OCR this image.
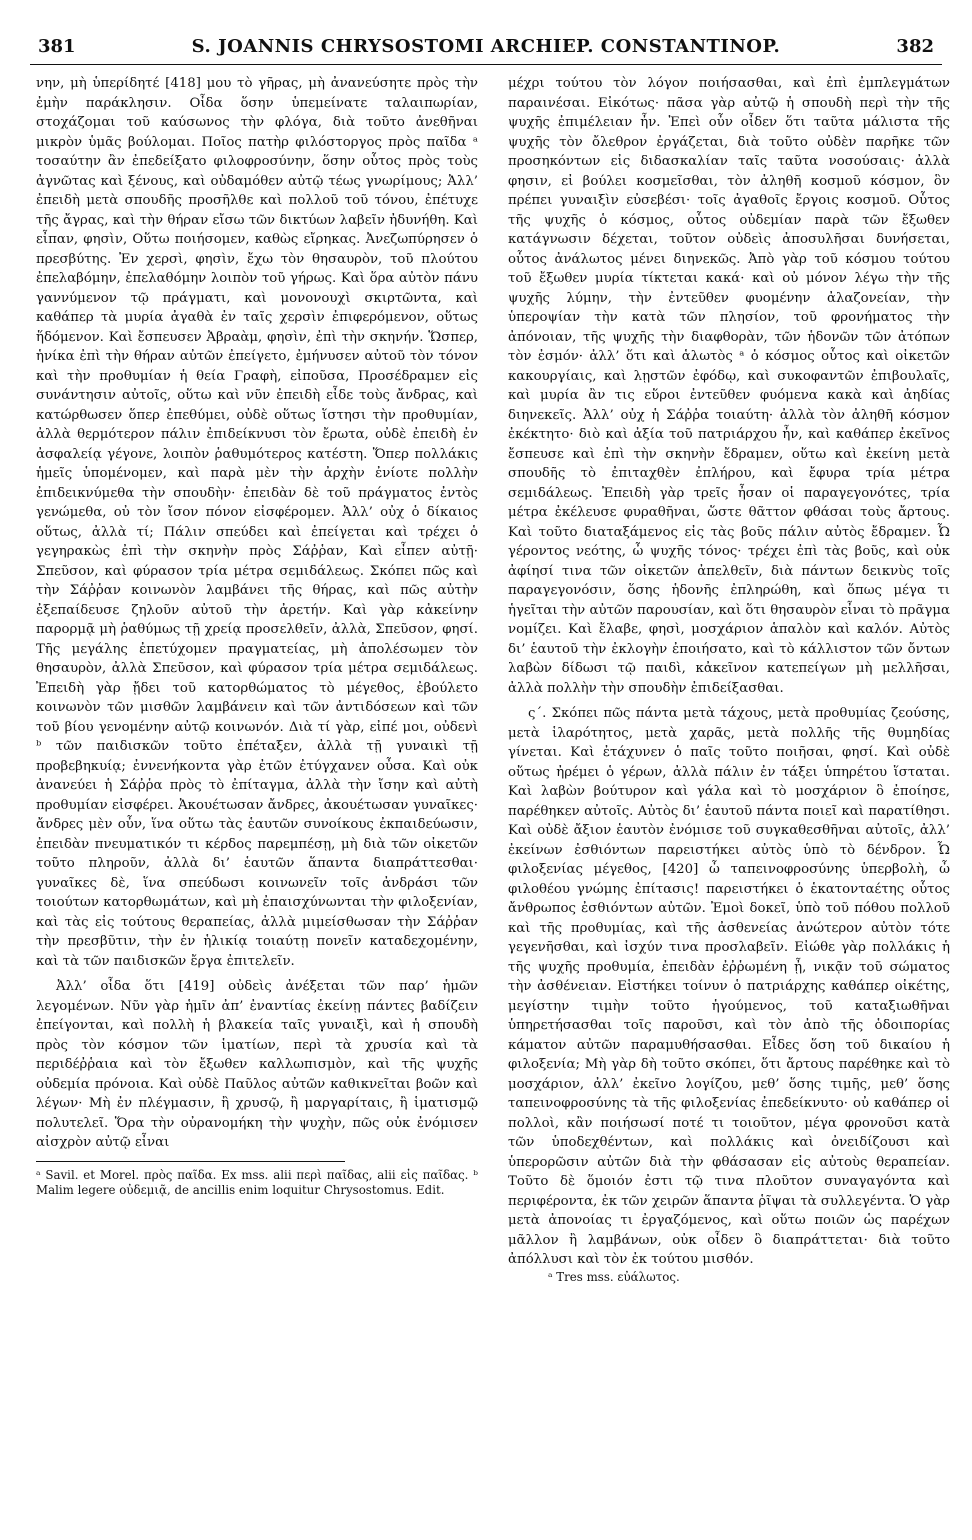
381	S. JOANNIS CHRYSOSTOMI ARCHIEP. CONSTANTINOP.	382

νην, μὴ ὑπερίδητέ [418] μου τὸ γῆρας, μὴ ἀνανεύσητε πρὸς τὴν ἐμὴν παράκλησιν. Οἶδα ὅσην ὑπεμείνατε ταλαιπωρίαν, στοχάζομαι τοῦ καύσωνος τὴν φλόγα, διὰ τοῦτο ἀνεθῆναι μικρὸν ὑμᾶς βούλομαι. Ποῖος πατὴρ φιλόστοργος πρὸς παῖδα ᵃ τοσαύτην ἂν ἐπεδείξατο φιλοφροσύνην, ὅσην οὗτος πρὸς τοὺς ἀγνῶτας καὶ ξένους, καὶ οὐδαμόθεν αὐτῷ τέως γνωρίμους; Ἀλλ’ ἐπειδὴ μετὰ σπουδῆς προσῆλθε καὶ πολλοῦ τοῦ τόνου, ἐπέτυχε τῆς ἄγρας, καὶ τὴν θήραν εἴσω τῶν δικτύων λαβεῖν ἠδυνήθη. Καὶ εἶπαν, φησὶν, Οὕτω ποιήσομεν, καθὼς εἴρηκας. Ἀνεζωπύρησεν ὁ πρεσβύτης. Ἐν χερσὶ, φησὶν, ἔχω τὸν θησαυρὸν, τοῦ πλούτου ἐπελαβόμην, ἐπελαθόμην λοιπὸν τοῦ γήρως. Καὶ ὅρα αὐτὸν πάνυ γαννύμενον τῷ πράγματι, καὶ μονονουχὶ σκιρτῶντα, καὶ καθάπερ τὰ μυρία ἀγαθὰ ἐν ταῖς χερσὶν ἐπιφερόμενον, οὕτως ἥδόμενον. Καὶ ἔσπευσεν Ἀβραὰμ, φησὶν, ἐπὶ τὴν σκηνήν. Ὥσπερ, ἡνίκα ἐπὶ τὴν θήραν αὐτῶν ἐπείγετο, ἐμήνυσεν αὐτοῦ τὸν τόνον καὶ τὴν προθυμίαν ἡ θεία Γραφὴ, εἰποῦσα, Προσέδραμεν εἰς συνάντησιν αὐτοῖς, οὕτω καὶ νῦν ἐπειδὴ εἶδε τοὺς ἄνδρας, καὶ κατώρθωσεν ὅπερ ἐπεθύμει, οὐδὲ οὕτως ἵστησι τὴν προθυμίαν, ἀλλὰ θερμότερον πάλιν ἐπιδείκνυσι τὸν ἔρωτα, οὐδὲ ἐπειδὴ ἐν ἀσφαλείᾳ γέγονε, λοιπὸν ῥαθυμότερος κατέστη. Ὅπερ πολλάκις ἡμεῖς ὑπομένομεν, καὶ παρὰ μὲν τὴν ἀρχὴν ἐνίοτε πολλὴν ἐπιδεικνύμεθα τὴν σπουδὴν· ἐπειδὰν δὲ τοῦ πράγματος ἐντὸς γενώμεθα, οὐ τὸν ἴσον πόνον εἰσφέρομεν. Ἀλλ’ οὐχ ὁ δίκαιος οὕτως, ἀλλὰ τί; Πάλιν σπεύδει καὶ ἐπείγεται καὶ τρέχει ὁ γεγηρακὼς ἐπὶ τὴν σκηνὴν πρὸς Σάῤῥαν, Καὶ εἶπεν αὐτῇ· Σπεῦσον, καὶ φύρασον τρία μέτρα σεμιδάλεως. Σκόπει πῶς καὶ τὴν Σάῤῥαν κοινωνὸν λαμβάνει τῆς θήρας, καὶ πῶς αὐτὴν ἐξεπαίδευσε ζηλοῦν αὐτοῦ τὴν ἀρετήν. Καὶ γὰρ κἀκείνην παρορμᾷ μὴ ῥαθύμως τῇ χρείᾳ προσελθεῖν, ἀλλὰ, Σπεῦσον, φησί. Τῆς μεγάλης ἐπετύχομεν πραγματείας, μὴ ἀπολέσωμεν τὸν θησαυρὸν, ἀλλὰ Σπεῦσον, καὶ φύρασον τρία μέτρα σεμιδάλεως. Ἐπειδὴ γὰρ ᾔδει τοῦ κατορθώματος τὸ μέγεθος, ἐβούλετο κοινωνὸν τῶν μισθῶν λαμβάνειν καὶ τῶν ἀντιδόσεων καὶ τῶν τοῦ βίου γενομένην αὐτῷ κοινωνόν. Διὰ τί γὰρ, εἰπέ μοι, οὐδενὶ ᵇ τῶν παιδισκῶν τοῦτο ἐπέταξεν, ἀλλὰ τῇ γυναικὶ τῇ προβεβηκυίᾳ; ἐννενήκοντα γὰρ ἐτῶν ἐτύγχανεν οὖσα. Καὶ οὐκ ἀνανεύει ἡ Σάῤῥα πρὸς τὸ ἐπίταγμα, ἀλλὰ τὴν ἴσην καὶ αὐτὴ προθυμίαν εἰσφέρει. Ἀκουέτωσαν ἄνδρες, ἀκουέτωσαν γυναῖκες· ἄνδρες μὲν οὖν, ἵνα οὕτω τὰς ἑαυτῶν συνοίκους ἐκπαιδεύωσιν, ἐπειδὰν πνευματικόν τι κέρδος παρεμπέσῃ, μὴ διὰ τῶν οἰκετῶν τοῦτο πληροῦν, ἀλλὰ δι’ ἑαυτῶν ἅπαντα διαπράττεσθαι· γυναῖκες δὲ, ἵνα σπεύδωσι κοινωνεῖν τοῖς ἀνδράσι τῶν τοιούτων κατορθωμάτων, καὶ μὴ ἐπαισχύνωνται τὴν φιλοξενίαν, καὶ τὰς εἰς τούτους θεραπείας, ἀλλὰ μιμείσθωσαν τὴν Σάῤῥαν τὴν πρεσβῦτιν, τὴν ἐν ἡλικίᾳ τοιαύτῃ πονεῖν καταδεχομένην, καὶ τὰ τῶν παιδισκῶν ἔργα ἐπιτελεῖν.

Ἀλλ’ οἶδα ὅτι [419] οὐδεὶς ἀνέξεται τῶν παρ’ ἡμῶν λεγομένων. Νῦν γὰρ ἡμῖν ἀπ’ ἐναντίας ἐκείνῃ πάντες βαδίζειν ἐπείγονται, καὶ πολλὴ ἡ βλακεία ταῖς γυναιξὶ, καὶ ἡ σπουδὴ πρὸς τὸν κόσμον τῶν ἱματίων, περὶ τὰ χρυσία καὶ τὰ περιδέῤῥαια καὶ τὸν ἔξωθεν καλλωπισμὸν, καὶ τῆς ψυχῆς οὐδεμία πρόνοια. Καὶ οὐδὲ Παῦλος αὐτῶν καθικνεῖται βοῶν καὶ λέγων· Μὴ ἐν πλέγμασιν, ἢ χρυσῷ, ἢ μαργαρίταις, ἢ ἱματισμῷ πολυτελεῖ. Ὅρα τὴν οὐρανομήκη τὴν ψυχὴν, πῶς οὐκ ἐνόμισεν αἰσχρὸν αὐτῷ εἶναι

ᵃ Savil. et Morel. πρὸς παῖδα. Ex mss. alii περὶ παῖδας, alii εἰς παῖδας. ᵇ Malim legere οὐδεμιᾷ, de ancillis enim loquitur Chrysostomus. Edit.

μέχρι τούτου τὸν λόγον ποιήσασθαι, καὶ ἐπὶ ἐμπλεγμάτων παραινέσαι. Εἰκότως· πᾶσα γὰρ αὐτῷ ἡ σπουδὴ περὶ τὴν τῆς ψυχῆς ἐπιμέλειαν ἦν. Ἐπεὶ οὖν οἶδεν ὅτι ταῦτα μάλιστα τῆς ψυχῆς τὸν ὄλεθρον ἐργάζεται, διὰ τοῦτο οὐδὲν παρῆκε τῶν προσηκόντων εἰς διδασκαλίαν ταῖς ταῦτα νοσούσαις· ἀλλὰ φησιν, εἰ βούλει κοσμεῖσθαι, τὸν ἀληθῆ κοσμοῦ κόσμον, ὃν πρέπει γυναιξὶν εὐσεβέσι· τοῖς ἀγαθοῖς ἔργοις κοσμοῦ. Οὗτος τῆς ψυχῆς ὁ κόσμος, οὗτος οὐδεμίαν παρὰ τῶν ἔξωθεν κατάγνωσιν δέχεται, τοῦτον οὐδεὶς ἀποσυλῆσαι δυνήσεται, οὗτος ἀνάλωτος μένει διηνεκῶς. Ἀπὸ γὰρ τοῦ κόσμου τούτου τοῦ ἔξωθεν μυρία τίκτεται κακά· καὶ οὐ μόνον λέγω τὴν τῆς ψυχῆς λύμην, τὴν ἐντεῦθεν φυομένην ἀλαζονείαν, τὴν ὑπεροψίαν τὴν κατὰ τῶν πλησίον, τοῦ φρονήματος τὴν ἀπόνοιαν, τῆς ψυχῆς τὴν διαφθορὰν, τῶν ἡδονῶν τῶν ἀτόπων τὸν ἐσμόν· ἀλλ’ ὅτι καὶ ἁλωτὸς ᵃ ὁ κόσμος οὗτος καὶ οἰκετῶν κακουργίαις, καὶ λῃστῶν ἐφόδῳ, καὶ συκοφαντῶν ἐπιβουλαῖς, καὶ μυρία ἂν τις εὕροι ἐντεῦθεν φυόμενα κακὰ καὶ ἀηδίας διηνεκεῖς. Ἀλλ’ οὐχ ἡ Σάῤῥα τοιαύτη· ἀλλὰ τὸν ἀληθῆ κόσμον ἐκέκτητο· διὸ καὶ ἀξία τοῦ πατριάρχου ἦν, καὶ καθάπερ ἐκεῖνος ἔσπευσε καὶ ἐπὶ τὴν σκηνὴν ἔδραμεν, οὕτω καὶ ἐκείνη μετὰ σπουδῆς τὸ ἐπιταχθὲν ἐπλήρου, καὶ ἔφυρα τρία μέτρα σεμιδάλεως. Ἐπειδὴ γὰρ τρεῖς ἦσαν οἱ παραγεγονότες, τρία μέτρα ἐκέλευσε φυραθῆναι, ὥστε θᾶττον φθάσαι τοὺς ἄρτους. Καὶ τοῦτο διαταξάμενος εἰς τὰς βοῦς πάλιν αὐτὸς ἔδραμεν. Ὦ γέροντος νεότης, ὦ ψυχῆς τόνος· τρέχει ἐπὶ τὰς βοῦς, καὶ οὐκ ἀφίησί τινα τῶν οἰκετῶν ἀπελθεῖν, διὰ πάντων δεικνὺς τοῖς παραγεγονόσιν, ὅσης ἡδονῆς ἐπληρώθη, καὶ ὅπως μέγα τι ἡγεῖται τὴν αὐτῶν παρουσίαν, καὶ ὅτι θησαυρὸν εἶναι τὸ πρᾶγμα νομίζει. Καὶ ἔλαβε, φησὶ, μοσχάριον ἁπαλὸν καὶ καλόν. Αὐτὸς δι’ ἑαυτοῦ τὴν ἐκλογὴν ἐποιήσατο, καὶ τὸ κάλλιστον τῶν ὄντων λαβὼν δίδωσι τῷ παιδὶ, κἀκεῖνον κατεπείγων μὴ μελλῆσαι, ἀλλὰ πολλὴν τὴν σπουδὴν ἐπιδείξασθαι.

ς΄. Σκόπει πῶς πάντα μετὰ τάχους, μετὰ προθυμίας ζεούσης, μετὰ ἱλαρότητος, μετὰ χαρᾶς, μετὰ πολλῆς τῆς θυμηδίας γίνεται. Καὶ ἐτάχυνεν ὁ παῖς τοῦτο ποιῆσαι, φησί. Καὶ οὐδὲ οὕτως ἠρέμει ὁ γέρων, ἀλλὰ πάλιν ἐν τάξει ὑπηρέτου ἵσταται. Καὶ λαβὼν βούτυρον καὶ γάλα καὶ τὸ μοσχάριον ὃ ἐποίησε, παρέθηκεν αὐτοῖς. Αὐτὸς δι’ ἑαυτοῦ πάντα ποιεῖ καὶ παρατίθησι. Καὶ οὐδὲ ἄξιον ἑαυτὸν ἐνόμισε τοῦ συγκαθεσθῆναι αὐτοῖς, ἀλλ’ ἐκείνων ἐσθιόντων παρειστήκει αὐτὸς ὑπὸ τὸ δένδρον. Ὦ φιλοξενίας μέγεθος, [420] ὦ ταπεινοφροσύνης ὑπερβολὴ, ὦ φιλοθέου γνώμης ἐπίτασις! παρειστήκει ὁ ἑκατονταέτης οὗτος ἄνθρωπος ἐσθιόντων αὐτῶν. Ἐμοὶ δοκεῖ, ὑπὸ τοῦ πόθου πολλοῦ καὶ τῆς προθυμίας, καὶ τῆς ἀσθενείας ἀνώτερον αὐτὸν τότε γεγενῆσθαι, καὶ ἰσχύν τινα προσλαβεῖν. Εἰώθε γὰρ πολλάκις ἡ τῆς ψυχῆς προθυμία, ἐπειδὰν ἐῤῥωμένη ᾖ, νικᾷν τοῦ σώματος τὴν ἀσθένειαν. Εἱστήκει τοίνυν ὁ πατριάρχης καθάπερ οἰκέτης, μεγίστην τιμὴν τοῦτο ἡγούμενος, τοῦ καταξιωθῆναι ὑπηρετήσασθαι τοῖς παροῦσι, καὶ τὸν ἀπὸ τῆς ὁδοιπορίας κάματον αὐτῶν παραμυθήσασθαι. Εἶδες ὅση τοῦ δικαίου ἡ φιλοξενία; Μὴ γὰρ δὴ τοῦτο σκόπει, ὅτι ἄρτους παρέθηκε καὶ τὸ μοσχάριον, ἀλλ’ ἐκεῖνο λογίζου, μεθ’ ὅσης τιμῆς, μεθ’ ὅσης ταπεινοφροσύνης τὰ τῆς φιλοξενίας ἐπεδείκνυτο· οὐ καθάπερ οἱ πολλοὶ, κἂν ποιήσωσί ποτέ τι τοιοῦτον, μέγα φρονοῦσι κατὰ τῶν ὑποδεχθέντων, καὶ πολλάκις καὶ ὀνειδίζουσι καὶ ὑπερορῶσιν αὐτῶν διὰ τὴν φθάσασαν εἰς αὐτοὺς θεραπείαν. Τοῦτο δὲ ὅμοιόν ἐστι τῷ τινα πλοῦτον συναγαγόντα καὶ περιφέροντα, ἐκ τῶν χειρῶν ἅπαντα ῥῖψαι τὰ συλλεγέντα. Ὁ γὰρ μετὰ ἀπονοίας τι ἐργαζόμενος, καὶ οὕτω ποιῶν ὡς παρέχων μᾶλλον ἢ λαμβάνων, οὐκ οἶδεν ὃ διαπράττεται· διὰ τοῦτο ἀπόλλυσι καὶ τὸν ἐκ τούτου μισθόν.

ᵃ Tres mss. εὐάλωτος.
